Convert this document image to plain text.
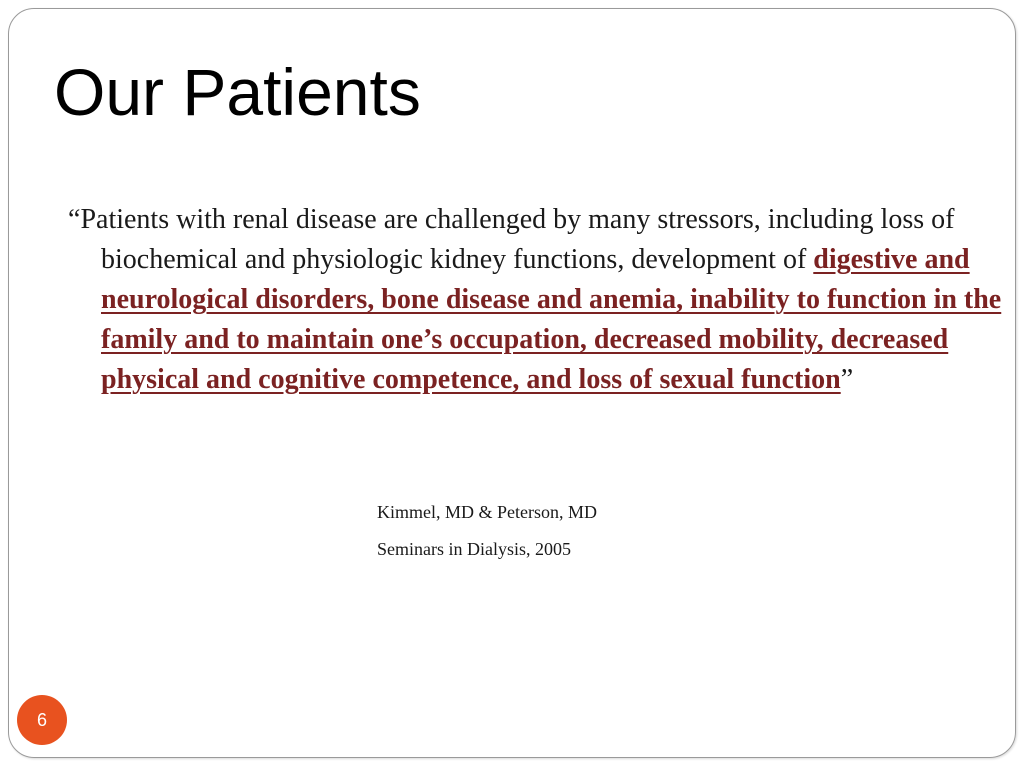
Our Patients

“Patients with renal disease are challenged by many stressors, including loss of biochemical and physiologic kidney functions, development of digestive and neurological disorders, bone disease and anemia, inability to function in the family and to maintain one’s occupation, decreased mobility, decreased physical and cognitive competence, and loss of sexual function”

Kimmel, MD & Peterson, MD
Seminars in Dialysis, 2005
6
